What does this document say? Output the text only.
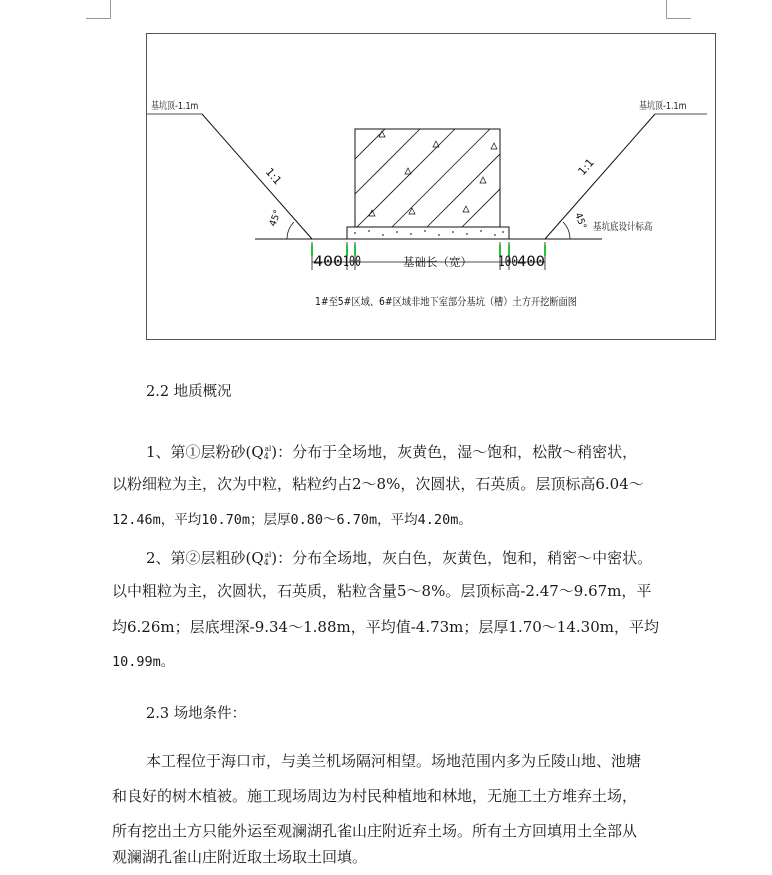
基坑顶-1.1m	基坑顶-1.1m
1:1	1:1
45°	45° 基坑底设计标高
400 100	基础长（宽） 100 400
1#至5#区域、6#区域非地下室部分基坑（槽）土方开挖断面图

2.2 地质概况

1、第①层粉砂$(Q_4^{al})$：分布于全场地，灰黄色，湿～饱和，松散～稍密状，

以粉细粒为主，次为中粒，粘粒约占2～8%，次圆状，石英质。层顶标高6.04～

12.46m，平均10.70m；层厚0.80～6.70m，平均4.20m。

2、第②层粗砂$(Q_4^{al})$：分布全场地，灰白色，灰黄色，饱和，稍密～中密状。

以中粗粒为主，次圆状，石英质，粘粒含量5～8%。层顶标高-2.47～9.67m，平

均6.26m；层底埋深-9.34～1.88m，平均值-4.73m；层厚1.70～14.30m，平均

10.99m。

2.3 场地条件：

本工程位于海口市，与美兰机场隔河相望。场地范围内多为丘陵山地、池塘

和良好的树木植被。施工现场周边为村民种植地和林地，无施工土方堆弃土场，

所有挖出土方只能外运至观澜湖孔雀山庄附近弃土场。所有土方回填用土全部从

观澜湖孔雀山庄附近取土场取土回填。
